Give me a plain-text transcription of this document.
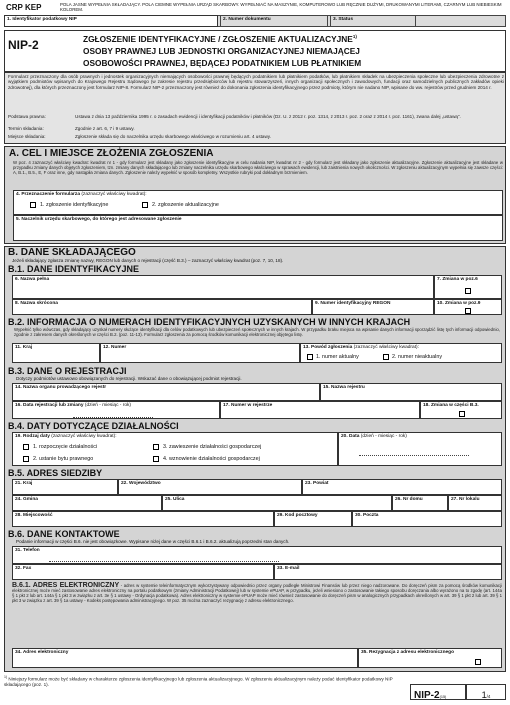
CRP KEP	POLA JASNE WYPEŁNIA SKŁADAJĄCY. POLA CIEMNE WYPEŁNIA URZĄD SKARBOWY. WYPEŁNIAĆ NA MASZYNIE, KOMPUTEROWO LUB RĘCZNIE DUŻYMI, DRUKOWANYMI LITERAMI, CZARNYM LUB NIEBIESKIM KOLOREM.
1. Identyfikator podatkowy NIP	2. Numer dokumentu	3. Status
NIP-2	ZGŁOSZENIE IDENTYFIKACYJNE / ZGŁOSZENIE AKTUALIZACYJNE$^{1)}$
OSOBY PRAWNEJ LUB JEDNOSTKI ORGANIZACYJNEJ NIEMAJĄCEJ
OSOBOWOŚCI PRAWNEJ, BĘDĄCEJ PODATNIKIEM LUB PŁATNIKIEM
Formularz przeznaczony dla osób prawnych i jednostek organizacyjnych niemających osobowości prawnej będących podatnikiem lub płatnikiem podatków, lub płatnikiem składek na ubezpieczenia społeczne lub ubezpieczenia zdrowotne z wyjątkiem podmiotów wpisanych do Krajowego Rejestru Sądowego (w zakresie rejestru przedsiębiorców lub rejestru stowarzyszeń, innych organizacji społecznych i zawodowych, fundacji oraz samodzielnych publicznych zakładów opieki zdrowotnej), dla których przeznaczony jest formularz NIP-8. Formularz NIP-2 przeznaczony jest również do dokonania zgłoszenia identyfikacyjnego przez podmioty, którym nie nadano NIP, wpisane do ww. rejestrów przed grudniem 2014 r.
Podstawa prawna:	Ustawa z dnia 13 października 1995 r. o zasadach ewidencji i identyfikacji podatników i płatników (Dz. U. z 2012 r. poz. 1314, z 2013 r. poz. 2 oraz z 2014 r. poz. 1161), zwana dalej „ustawą”.
Termin składania:	Zgodnie z art. 6, 7 i 9 ustawy.
Miejsce składania:	Zgłoszenie składa się do naczelnika urzędu skarbowego właściwego w rozumieniu art. 4 ustawy.
A. CEL I MIEJSCE ZŁOŻENIA ZGŁOSZENIA
W poz. 4 zaznaczyć właściwy kwadrat: kwadrat nr 1 - gdy formularz jest składany jako zgłoszenie identyfikacyjne w celu nadania NIP, kwadrat nr 2 - gdy formularz jest składany jako zgłoszenie aktualizacyjne. Zgłoszenie aktualizacyjne jest składane w przypadku zmiany danych objętych zgłoszeniem, tzn. zmiany danych składającego lub zmiany naczelnika urzędu skarbowego właściwego w sprawach ewidencji, lub zaistnienia nowych okoliczności. W zgłoszeniu aktualizacyjnym wypełnia się zawsze części: A, B.1., B.5., E, F oraz inne, gdy nastąpiła zmiana danych. Zgłoszenie należy wypełnić w sposób kompletny. Wszystkie rubryki pod dokładnym brzmieniem.
4. Przeznaczenie formularza (zaznaczyć właściwy kwadrat):
1. zgłoszenie identyfikacyjne	2. zgłoszenie aktualizacyjne
5. Naczelnik urzędu skarbowego, do którego jest adresowane zgłoszenie
B. DANE SKŁADAJĄCEGO
Jeżeli składający zgłasza zmianę nazwy, REGON lub danych o rejestracji (część B.3.) – zaznaczyć właściwy kwadrat (poz. 7, 10, 18).
B.1. DANE IDENTYFIKACYJNE
6. Nazwa pełna	7. Zmiana w poz.6
8. Nazwa skrócona	9. Numer identyfikacyjny REGON	10. Zmiana w poz.9
B.2. INFORMACJA O NUMERACH IDENTYFIKACYJNYCH UZYSKANYCH W INNYCH KRAJACH
Wypełnić tylko wówczas, gdy składający uzyskał numery służące identyfikacji dla celów podatkowych lub ubezpieczeń społecznych w innych krajach. W przypadku braku miejsca na wpisanie danych informacji sporządzić listę tych informacji odpowiednio, zgodnie z zakresem danych określonych w części B.2. (poz. 11-13). Formularz zgłoszenia za pomocą środków komunikacji elektronicznej objętego listę.
11. Kraj	12. Numer	13. Powód zgłoszenia (zaznaczyć właściwy kwadrat):
1. numer aktualny	2. numer nieaktualny
B.3. DANE O REJESTRACJI
Dotyczy podmiotów ustawowo obowiązanych do rejestracji. Wskazać dane o obowiązującej podmiot rejestracji.
14. Nazwa organu prowadzącego rejestr	15. Nazwa rejestru
16. Data rejestracji lub zmiany (dzień - miesiąc - rok)	17. Numer w rejestrze	18. Zmiana w części B.3.
B.4. DATY DOTYCZĄCE DZIAŁALNOŚCI
19. Rodzaj daty (zaznaczyć właściwy kwadrat):
1. rozpoczęcie działalności
2. ustanie bytu prawnego
3. zawieszenie działalności gospodarczej
4. wznowienie działalności gospodarczej
20. Data (dzień - miesiąc - rok)
B.5. ADRES SIEDZIBY
21. Kraj	22. Województwo	23. Powiat
24. Gmina	25. Ulica	26. Nr domu	27. Nr lokalu
28. Miejscowość	29. Kod pocztowy	30. Poczta
B.6. DANE KONTAKTOWE
Podanie informacji w części B.6. nie jest obowiązkowe. Wypisane niżej dane w części B.6.1 i B.6.2. aktualizują poprzedni stan danych.
31. Telefon
32. Fax	33. E-mail
B.6.1. ADRES ELEKTRONICZNY - adres w systemie teleinformatycznym wykorzystywany odpowiednio przez organy podległe Ministrowi Finansów lub przez niego nadzorowane. Do doręczeń pism za pomocą środków komunikacji elektronicznej może mieć zastosowanie adres elektroniczny na portalu podatkowym (zmiany Administracji Podatkowej) lub w systemie ePUAP, w przypadku, jeżeli wniesiono o zastosowanie takiego sposobu doręczania albo wyrażono na to zgodę (art. 144a § 1 pkt 2 lub art. 144a § 1 pkt 3 w związku z art. 3e § 1 ustawy - Ordynacja podatkowa). Adres elektroniczny w systemie ePUAP może mieć również zastosowanie do doręczeń pism w analogicznych przypadkach określonych w art. 39 § 1 pkt 2 lub art. 39 § 1 pkt 3 w związku z art. 39 § 1a ustawy - Kodeks postępowania administracyjnego. W poz. 35 można zaznaczyć rezygnację z adresu elektronicznego.
34. Adres elektroniczny	35. Rezygnacja z adresu elektronicznego
$^{1)}$ Niniejszy formularz może być składany w charakterze zgłoszenia identyfikacyjnego lub zgłoszenia aktualizacyjnego. W zgłoszeniu aktualizacyjnym należy podać identyfikator podatkowy NIP składającego (poz. 1).
NIP-2(15)	1/4
